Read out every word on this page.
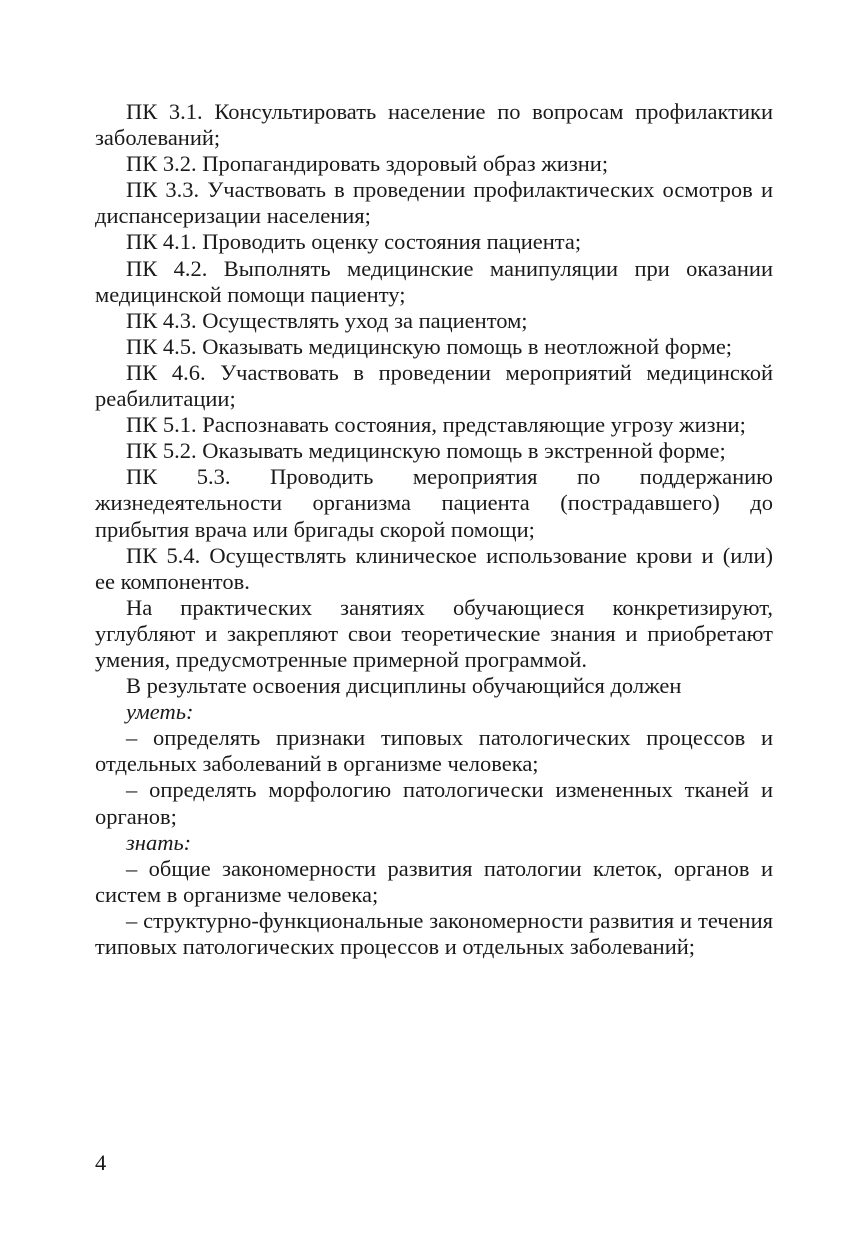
ПК 3.1. Консультировать население по вопросам профилактики заболеваний;

ПК 3.2. Пропагандировать здоровый образ жизни;

ПК 3.3. Участвовать в проведении профилактических осмотров и диспансеризации населения;

ПК 4.1. Проводить оценку состояния пациента;

ПК 4.2. Выполнять медицинские манипуляции при оказании медицинской помощи пациенту;

ПК 4.3. Осуществлять уход за пациентом;

ПК 4.5. Оказывать медицинскую помощь в неотложной форме;

ПК 4.6. Участвовать в проведении мероприятий медицинской реабилитации;

ПК 5.1. Распознавать состояния, представляющие угрозу жизни;

ПК 5.2. Оказывать медицинскую помощь в экстренной форме;

ПК 5.3. Проводить мероприятия по поддержанию жизнедеятельности организма пациента (пострадавшего) до прибытия врача или бригады скорой помощи;

ПК 5.4. Осуществлять клиническое использование крови и (или) ее компонентов.

На практических занятиях обучающиеся конкретизируют, углубляют и закрепляют свои теоретические знания и приобретают умения, предусмотренные примерной программой.

В результате освоения дисциплины обучающийся должен

уметь:

– определять признаки типовых патологических процессов и отдельных заболеваний в организме человека;

– определять морфологию патологически измененных тканей и органов;

знать:

– общие закономерности развития патологии клеток, органов и систем в организме человека;

– структурно-функциональные закономерности развития и течения типовых патологических процессов и отдельных заболеваний;

4
